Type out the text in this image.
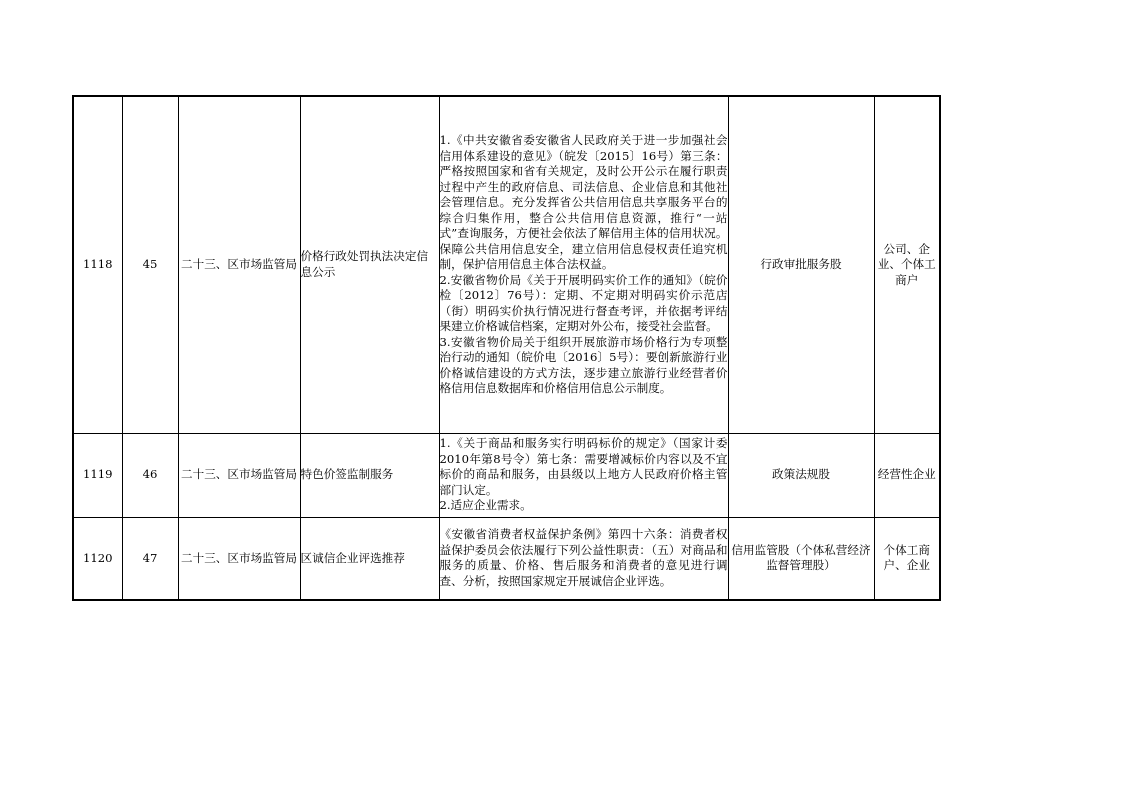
1118	45	二十三、区市场监管局	价格行政处罚执法决定信息公示	1.《中共安徽省委安徽省人民政府关于进一步加强社会信用体系建设的意见》（皖发〔2015〕16号）第三条：严格按照国家和省有关规定，及时公开公示在履行职责过程中产生的政府信息、司法信息、企业信息和其他社会管理信息。充分发挥省公共信用信息共享服务平台的综合归集作用，整合公共信用信息资源，推行“一站式”查询服务，方便社会依法了解信用主体的信用状况。保障公共信用信息安全，建立信用信息侵权责任追究机制，保护信用信息主体合法权益。
2.安徽省物价局《关于开展明码实价工作的通知》（皖价检〔2012〕76号）：定期、不定期对明码实价示范店（街）明码实价执行情况进行督查考评，并依据考评结果建立价格诚信档案，定期对外公布，接受社会监督。
3.安徽省物价局关于组织开展旅游市场价格行为专项整治行动的通知（皖价电〔2016〕5号）：要创新旅游行业价格诚信建设的方式方法，逐步建立旅游行业经营者价格信用信息数据库和价格信用信息公示制度。	行政审批服务股	公司、企业、个体工商户
1119	46	二十三、区市场监管局	特色价签监制服务	1.《关于商品和服务实行明码标价的规定》（国家计委2010年第8号令）第七条：需要增减标价内容以及不宜标价的商品和服务，由县级以上地方人民政府价格主管部门认定。
2.适应企业需求。	政策法规股	经营性企业
1120	47	二十三、区市场监管局	区诚信企业评选推荐	《安徽省消费者权益保护条例》第四十六条：消费者权益保护委员会依法履行下列公益性职责：（五）对商品和服务的质量、价格、售后服务和消费者的意见进行调查、分析，按照国家规定开展诚信企业评选。	信用监管股（个体私营经济监督管理股）	个体工商户、企业
